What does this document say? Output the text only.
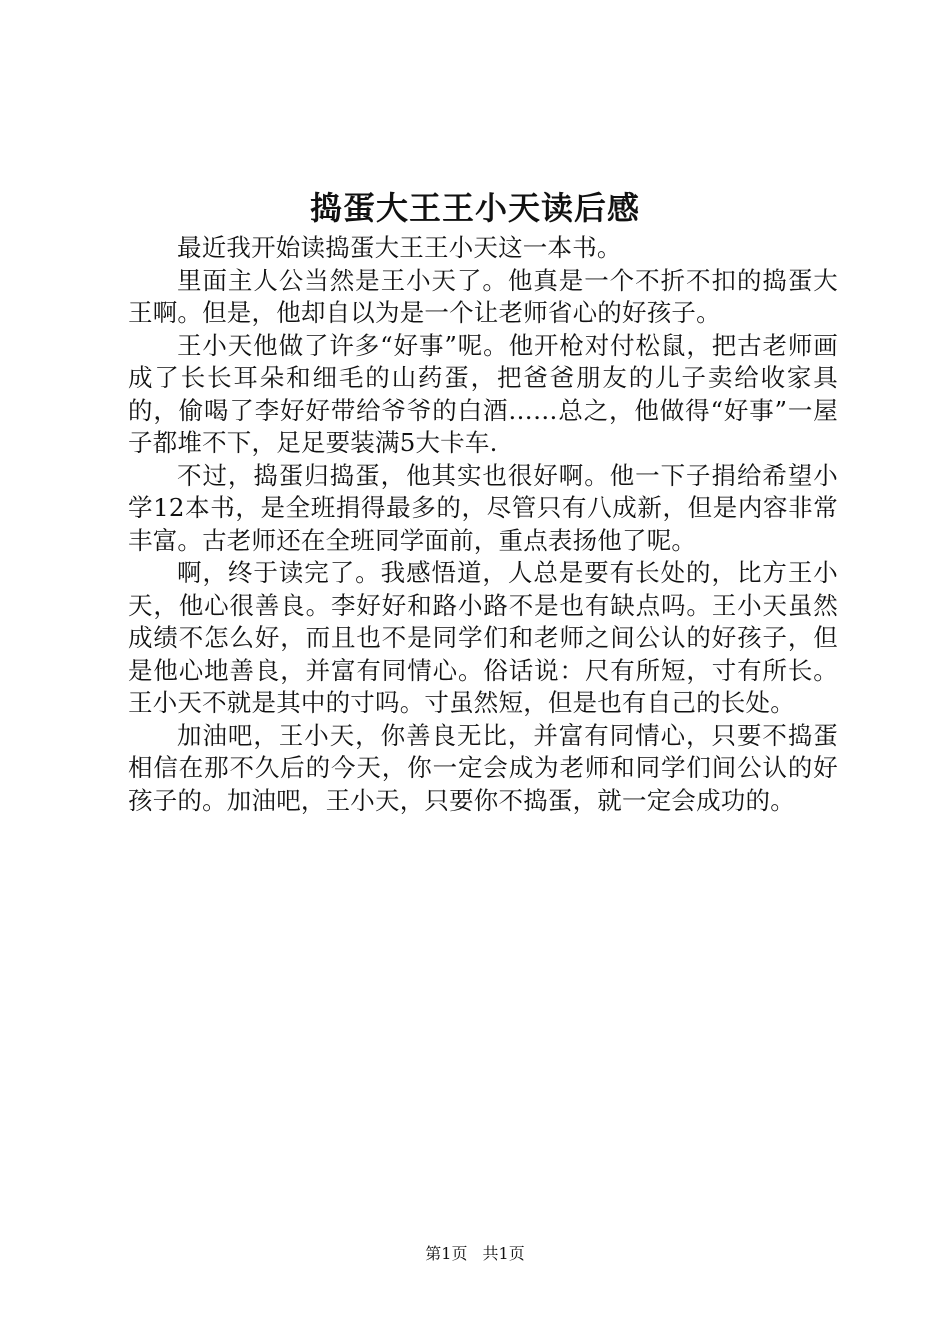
捣蛋大王王小天读后感

最近我开始读捣蛋大王王小天这一本书。

里面主人公当然是王小天了。他真是一个不折不扣的捣蛋大王啊。但是，他却自以为是一个让老师省心的好孩子。

王小天他做了许多“好事”呢。他开枪对付松鼠，把古老师画成了长长耳朵和细毛的山药蛋，把爸爸朋友的儿子卖给收家具的，偷喝了李好好带给爷爷的白酒……总之，他做得“好事”一屋子都堆不下，足足要装满5大卡车.

不过，捣蛋归捣蛋，他其实也很好啊。他一下子捐给希望小学12本书，是全班捐得最多的，尽管只有八成新，但是内容非常丰富。古老师还在全班同学面前，重点表扬他了呢。

啊，终于读完了。我感悟道，人总是要有长处的，比方王小天，他心很善良。李好好和路小路不是也有缺点吗。王小天虽然成绩不怎么好，而且也不是同学们和老师之间公认的好孩子，但是他心地善良，并富有同情心。俗话说：尺有所短，寸有所长。王小天不就是其中的寸吗。寸虽然短，但是也有自己的长处。

加油吧，王小天，你善良无比，并富有同情心，只要不捣蛋相信在那不久后的今天，你一定会成为老师和同学们间公认的好孩子的。加油吧，王小天，只要你不捣蛋，就一定会成功的。

第1页 共1页
